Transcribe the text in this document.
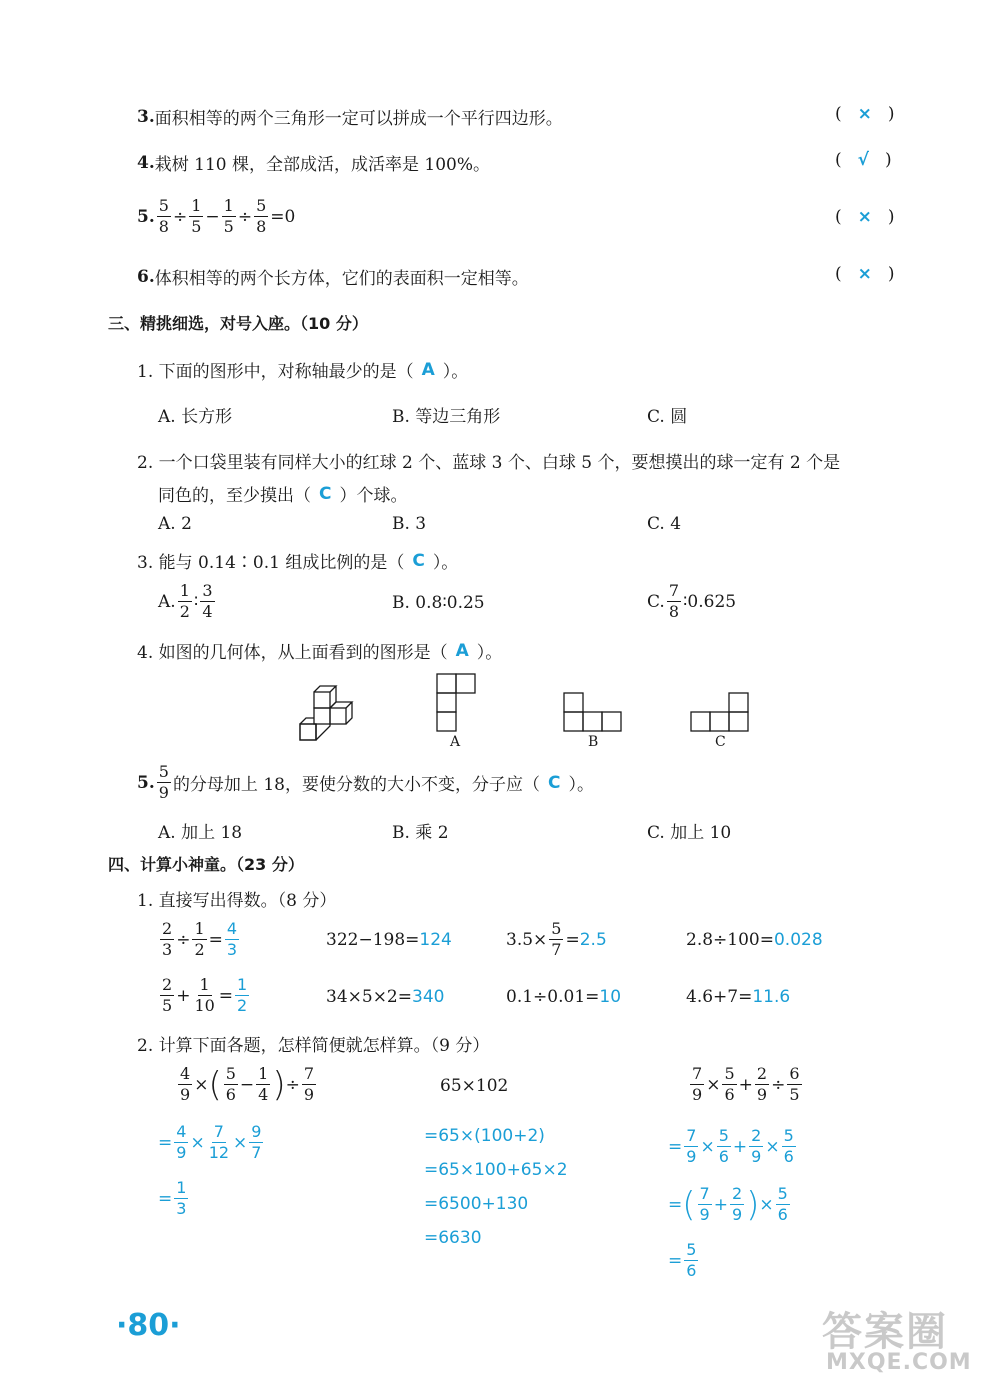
3. 面积相等的两个三角形一定可以拼成一个平行四边形。	( × )
4. 栽树 110 棵，全部成活，成活率是 100%。	( √ )
5. $\frac{5}{8} \div \frac{1}{5} - \frac{1}{5} \div \frac{5}{8} =0$	( × )
6. 体积相等的两个长方体，它们的表面积一定相等。	( × )
三、精挑细选，对号入座。（10 分）
1. 下面的图形中，对称轴最少的是（ A ）。
A. 长方形	B. 等边三角形	C. 圆
2. 一个口袋里装有同样大小的红球 2 个、蓝球 3 个、白球 5 个，要想摸出的球一定有 2 个是
同色的，至少摸出（ C ）个球。
A. 2	B. 3	C. 4
3. 能与 0.14∶0.1 组成比例的是（ C ）。
A. $\frac{1}{2}$ ∶ $\frac{3}{4}$	B. 0.8∶0.25	C. $\frac{7}{8}$ ∶0.625
4. 如图的几何体，从上面看到的图形是（ A ）。
A	B	C
5. $\frac{5}{9}$ 的分母加上 18，要使分数的大小不变，分子应（ C ）。
A. 加上 18	B. 乘 2	C. 加上 10
四、计算小神童。（23 分）
1. 直接写出得数。（8 分）
$\frac{2}{3} \div \frac{1}{2} = \frac{4}{3}$	322−198= 124	$3.5\times \frac{5}{7} = 2.5$	2.8÷100= 0.028
$\frac{2}{5} + \frac{1}{10} = \frac{1}{2}$	34×5×2= 340	0.1÷0.01= 10	4.6+7= 11.6
2. 计算下面各题，怎样简便就怎样算。（9 分）
$\frac{4}{9}$ × ( $\frac{5}{6} - \frac{1}{4}$ ) ÷ $\frac{7}{9}$
= $\frac{4}{9} \times \frac{7}{12} \times \frac{9}{7}$
= $\frac{1}{3}$
65×102
=65×(100+2)
=65×100+65×2
=6500+130
=6630
$\frac{7}{9} \times \frac{5}{6} + \frac{2}{9} \div \frac{6}{5}$
= $\frac{7}{9} \times \frac{5}{6} + \frac{2}{9} \times \frac{5}{6}$
= ( $\frac{7}{9} + \frac{2}{9}$ ) × $\frac{5}{6}$
= $\frac{5}{6}$
·80·	答案圈
MXQE.COM
